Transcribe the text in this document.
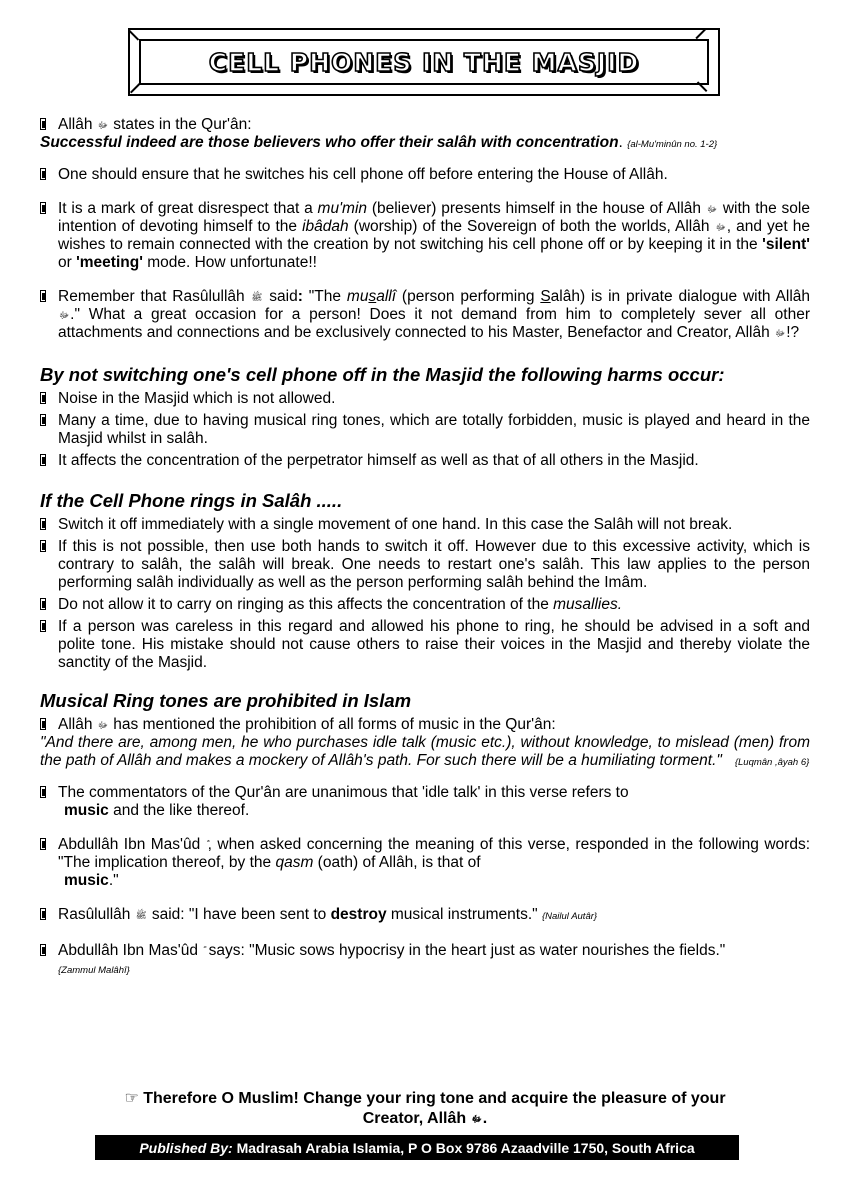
CELL PHONES IN THE MASJID
Allâh ﷻ states in the Qur'ân:
Successful indeed are those believers who offer their salâh with concentration. {al-Mu'minûn no. 1-2}
One should ensure that he switches his cell phone off before entering the House of Allâh.
It is a mark of great disrespect that a mu'min (believer) presents himself in the house of Allâh ﷻ with the sole intention of devoting himself to the ibâdah (worship) of the Sovereign of both the worlds, Allâh ﷻ, and yet he wishes to remain connected with the creation by not switching his cell phone off or by keeping it in the 'silent' or 'meeting' mode. How unfortunate!!
Remember that Rasûlullâh ﷺ said: "The musallî (person performing Salâh) is in private dialogue with Allâh ﷻ." What a great occasion for a person! Does it not demand from him to completely sever all other attachments and connections and be exclusively connected to his Master, Benefactor and Creator, Allâh ﷻ!?
By not switching one's cell phone off in the Masjid the following harms occur:
Noise in the Masjid which is not allowed.
Many a time, due to having musical ring tones, which are totally forbidden, music is played and heard in the Masjid whilst in salâh.
It affects the concentration of the perpetrator himself as well as that of all others in the Masjid.
If the Cell Phone rings in Salâh .....
Switch it off immediately with a single movement of one hand. In this case the Salâh will not break.
If this is not possible, then use both hands to switch it off. However due to this excessive activity, which is contrary to salâh, the salâh will break. One needs to restart one's salâh. This law applies to the person performing salâh individually as well as the person performing salâh behind the Imâm.
Do not allow it to carry on ringing as this affects the concentration of the musallies.
If a person was careless in this regard and allowed his phone to ring, he should be advised in a soft and polite tone. His mistake should not cause others to raise their voices in the Masjid and thereby violate the sanctity of the Masjid.
Musical Ring tones are prohibited in Islam
Allâh ﷻ has mentioned the prohibition of all forms of music in the Qur'ân:
"And there are, among men, he who purchases idle talk (music etc.), without knowledge, to mislead (men) from the path of Allâh and makes a mockery of Allâh's path. For such there will be a humiliating torment." {Luqmân ,âyah 6}
The commentators of the Qur'ân are unanimous that 'idle talk' in this verse refers to
music and the like thereof.
Abdullâh Ibn Mas'ûd , when asked concerning the meaning of this verse, responded in the following words: "The implication thereof, by the qasm (oath) of Allâh, is that of
music."
Rasûlullâh ﷺ said: "I have been sent to destroy musical instruments." {Nailul Autâr}
Abdullâh Ibn Mas'ûd says: "Music sows hypocrisy in the heart just as water nourishes the fields."
{Zammul Malâhî}
☞ Therefore O Muslim! Change your ring tone and acquire the pleasure of your
Creator, Allâh ﷻ.
Published By: Madrasah Arabia Islamia, P O Box 9786 Azaadville 1750, South Africa
